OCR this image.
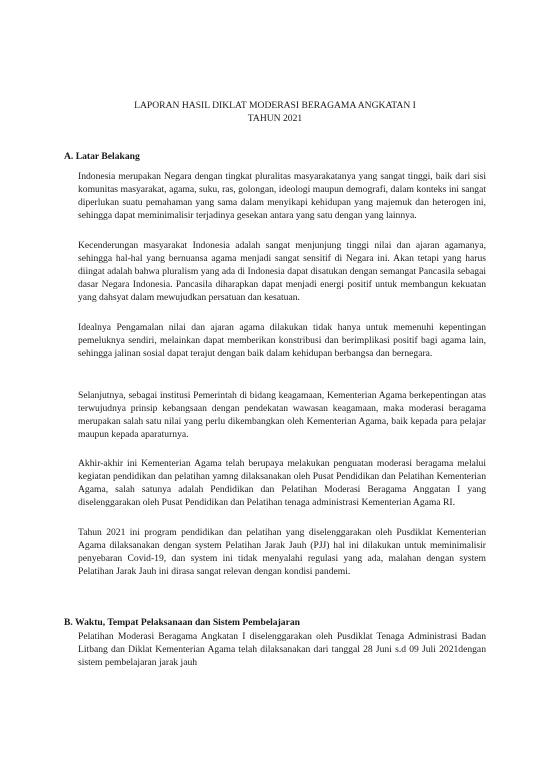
LAPORAN HASIL DIKLAT MODERASI BERAGAMA ANGKATAN I
TAHUN 2021
A. Latar Belakang

Indonesia merupakan Negara dengan tingkat pluralitas masyarakatanya yang sangat tinggi, baik dari sisi komunitas masyarakat, agama, suku, ras, golongan, ideologi maupun demografi, dalam konteks ini sangat diperlukan suatu pemahaman yang sama dalam menyikapi kehidupan yang majemuk dan heterogen ini, sehingga dapat meminimalisir terjadinya gesekan antara yang satu dengan yang lainnya.

Kecenderungan masyarakat Indonesia adalah sangat menjunjung tinggi nilai dan ajaran agamanya, sehingga hal-hal yang bernuansa agama menjadi sangat sensitif di Negara ini. Akan tetapi yang harus diingat adalah bahwa pluralism yang ada di Indonesia dapat disatukan dengan semangat Pancasila sebagai dasar Negara Indonesia. Pancasila diharapkan dapat menjadi energi positif untuk membangun kekuatan yang dahsyat dalam mewujudkan persatuan dan kesatuan.

Idealnya Pengamalan nilai dan ajaran agama dilakukan tidak hanya untuk memenuhi kepentingan pemeluknya sendiri, melainkan dapat memberikan konstribusi dan berimplikasi positif bagi agama lain, sehingga jalinan sosial dapat terajut dengan baik dalam kehidupan berbangsa dan bernegara.

Selanjutnya, sebagai institusi Pemerintah di bidang keagamaan, Kementerian Agama berkepentingan atas terwujudnya prinsip kebangsaan dengan pendekatan wawasan keagamaan, maka moderasi beragama merupakan salah satu nilai yang perlu dikembangkan oleh Kementerian Agama, baik kepada para pelajar maupun kepada aparaturnya.

Akhir-akhir ini Kementerian Agama telah berupaya melakukan penguatan moderasi beragama melalui kegiatan pendidikan dan pelatihan yamng dilaksanakan oleh Pusat Pendidikan dan Pelatihan Kementerian Agama, salah satunya adalah Pendidikan dan Pelatihan Moderasi Beragama Anggatan I yang diselenggarakan oleh Pusat Pendidikan dan Pelatihan tenaga administrasi Kementerian Agama RI.

Tahun 2021 ini program pendidikan dan pelatihan yang diselenggarakan oleh Pusdiklat Kementerian Agama dilaksanakan dengan system Pelatihan Jarak Jauh (PJJ) hal ini dilakukan untuk meminimalisir penyebaran Covid-19, dan system ini tidak menyalahi regulasi yang ada, malahan dengan system Pelatihan Jarak Jauh ini dirasa sangat relevan dengan kondisi pandemi.

B. Waktu, Tempat Pelaksanaan dan Sistem Pembelajaran

Pelatihan Moderasi Beragama Angkatan I diselenggarakan oleh Pusdiklat Tenaga Administrasi Badan Litbang dan Diklat Kementerian Agama telah dilaksanakan dari tanggal 28 Juni s.d 09 Juli 2021dengan sistem pembelajaran jarak jauh
